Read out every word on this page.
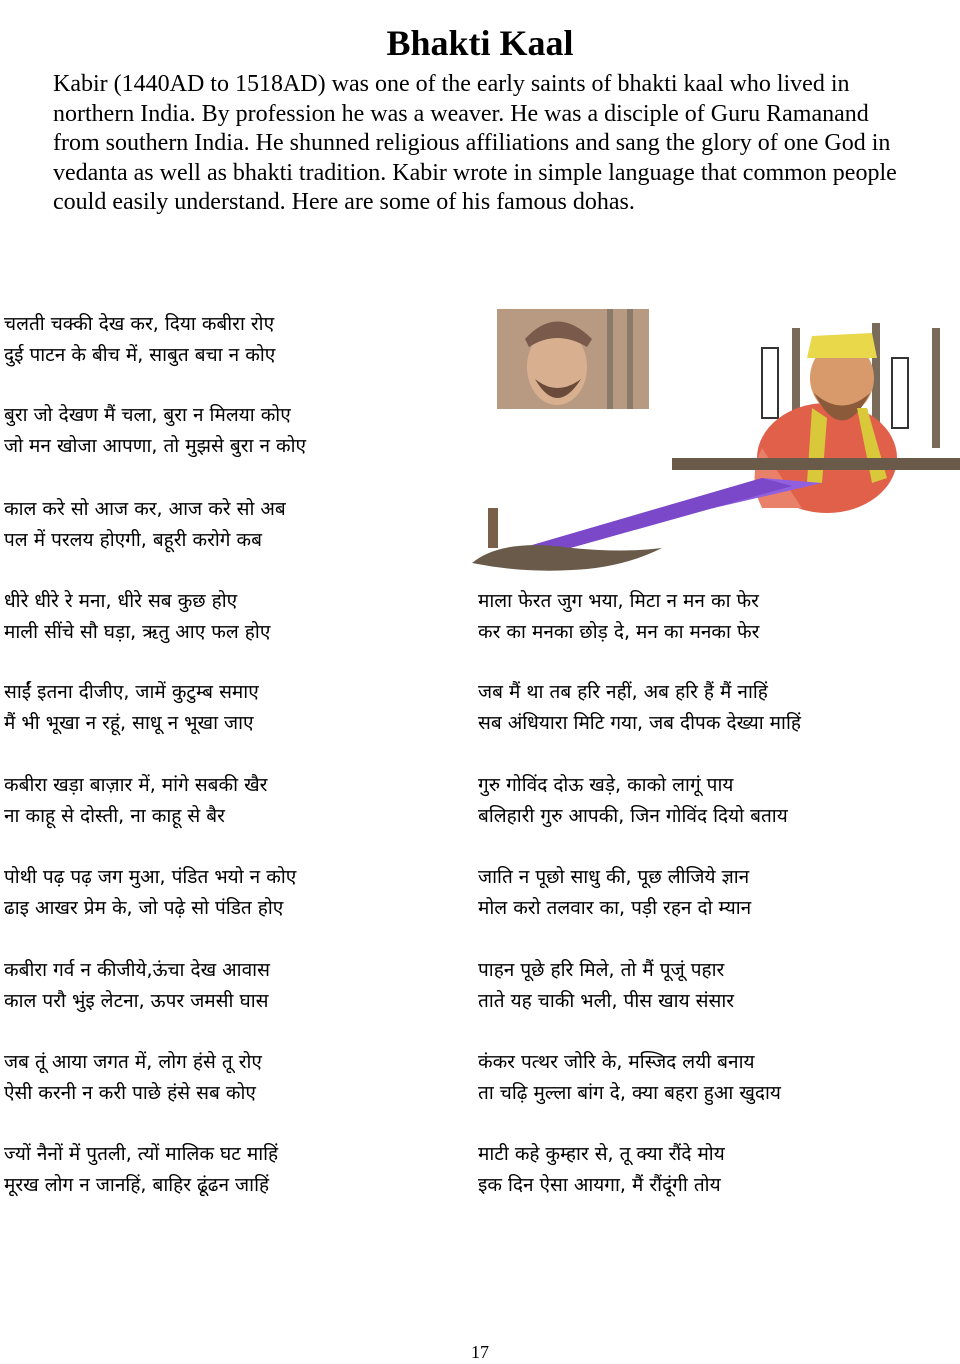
Bhakti Kaal

Kabir (1440AD to 1518AD) was one of the early saints of bhakti kaal who lived in northern India. By profession he was a weaver. He was a disciple of Guru Ramanand from southern India. He shunned religious affiliations and sang the glory of one God in vedanta as well as bhakti tradition. Kabir wrote in simple language that common people could easily understand. Here are some of his famous dohas.

चलती चक्की देख कर, दिया कबीरा रोए
दुई पाटन के बीच में, साबुत बचा न कोए
बुरा जो देखण मैं चला, बुरा न मिलया कोए
जो मन खोजा आपणा, तो मुझसे बुरा न कोए
काल करे सो आज कर, आज करे सो अब
पल में परलय होएगी, बहूरी करोगे कब
धीरे धीरे रे मना, धीरे सब कुछ होए
माली सींचे सौ घड़ा, ऋतु आए फल होए
साईं इतना दीजीए, जामें कुटुम्ब समाए
मैं भी भूखा न रहूं, साधू न भूखा जाए
कबीरा खड़ा बाज़ार में, मांगे सबकी खैर
ना काहू से दोस्ती, ना काहू से बैर
पोथी पढ़ पढ़ जग मुआ, पंडित भयो न कोए
ढाइ आखर प्रेम के, जो पढ़े सो पंडित होए
कबीरा गर्व न कीजीये,ऊंचा देख आवास
काल परौ भुंइ लेटना, ऊपर जमसी घास
जब तूं आया जगत में, लोग हंसे तू रोए
ऐसी करनी न करी पाछे हंसे सब कोए
ज्यों नैनों में पुतली, त्यों मालिक घट माहिं
मूरख लोग न जानहिं, बाहिर ढूंढन जाहिं
माला फेरत जुग भया, मिटा न मन का फेर
कर का मनका छोड़ दे, मन का मनका फेर
जब मैं था तब हरि नहीं, अब हरि हैं मैं नाहिं
सब अंधियारा मिटि गया, जब दीपक देख्या माहिं
गुरु गोविंद दोऊ खड़े, काको लागूं पाय
बलिहारी गुरु आपकी, जिन गोविंद दियो बताय
जाति न पूछो साधु की, पूछ लीजिये ज्ञान
मोल करो तलवार का, पड़ी रहन दो म्यान
पाहन पूछे हरि मिले, तो मैं पूजूं पहार
ताते यह चाकी भली, पीस खाय संसार
कंकर पत्थर जोरि के, मस्जिद लयी बनाय
ता चढ़ि मुल्ला बांग दे, क्या बहरा हुआ खुदाय
माटी कहे कुम्हार से, तू क्या रौंदे मोय
इक दिन ऐसा आयगा, मैं रौंदूंगी तोय
17
